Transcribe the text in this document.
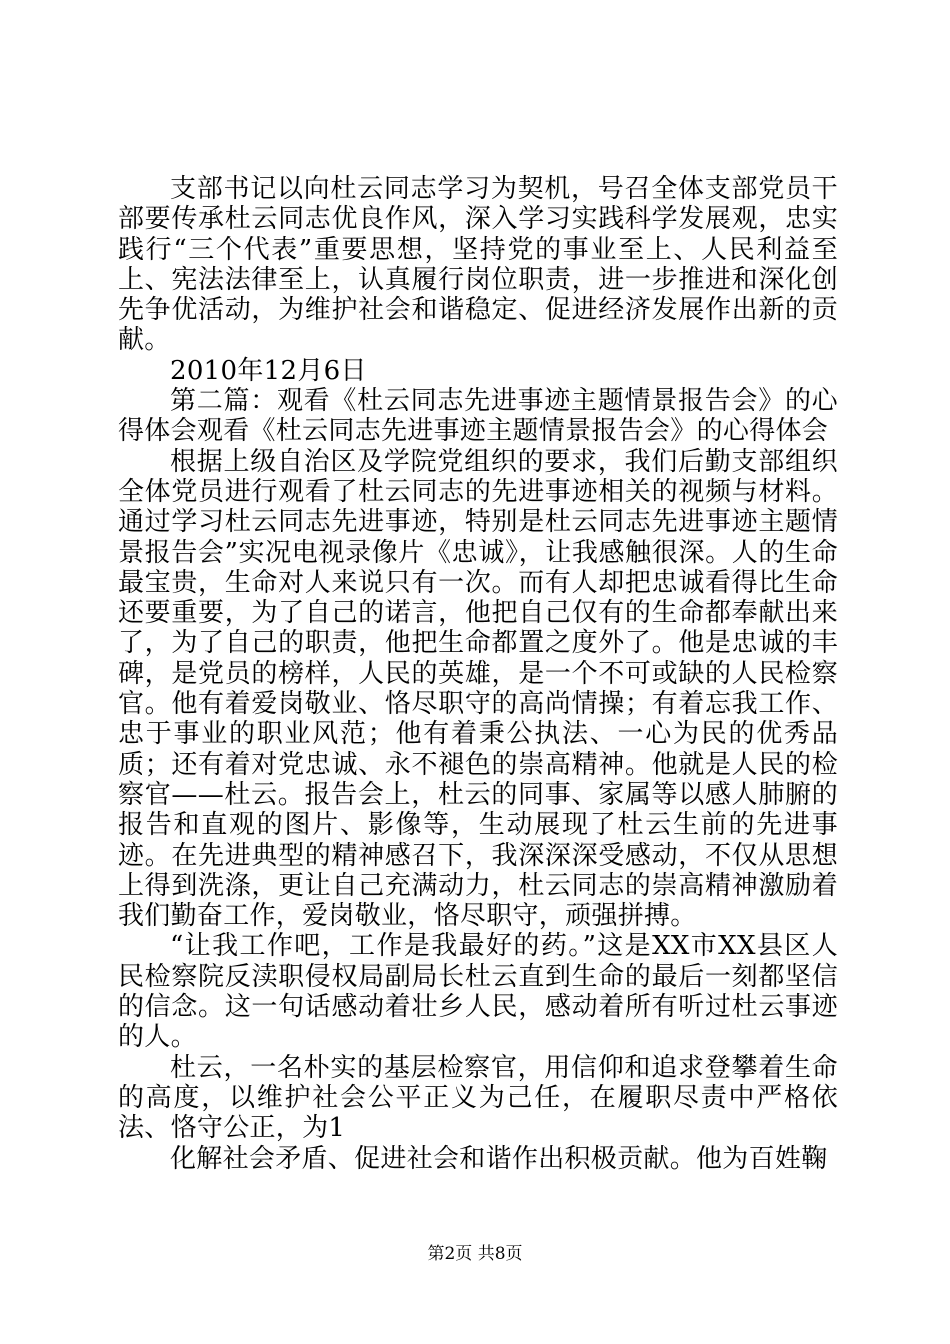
支部书记以向杜云同志学习为契机，号召全体支部党员干部要传承杜云同志优良作风，深入学习实践科学发展观，忠实践行“三个代表”重要思想，坚持党的事业至上、人民利益至上、宪法法律至上，认真履行岗位职责，进一步推进和深化创先争优活动，为维护社会和谐稳定、促进经济发展作出新的贡献。

2010年12月6日

第二篇：观看《杜云同志先进事迹主题情景报告会》的心得体会观看《杜云同志先进事迹主题情景报告会》的心得体会

根据上级自治区及学院党组织的要求，我们后勤支部组织全体党员进行观看了杜云同志的先进事迹相关的视频与材料。通过学习杜云同志先进事迹，特别是杜云同志先进事迹主题情景报告会”实况电视录像片《忠诚》，让我感触很深。人的生命最宝贵，生命对人来说只有一次。而有人却把忠诚看得比生命还要重要，为了自己的诺言，他把自己仅有的生命都奉献出来了，为了自己的职责，他把生命都置之度外了。他是忠诚的丰碑，是党员的榜样，人民的英雄，是一个不可或缺的人民检察官。他有着爱岗敬业、恪尽职守的高尚情操；有着忘我工作、忠于事业的职业风范；他有着秉公执法、一心为民的优秀品质；还有着对党忠诚、永不褪色的崇高精神。他就是人民的检察官——杜云。报告会上，杜云的同事、家属等以感人肺腑的报告和直观的图片、影像等，生动展现了杜云生前的先进事迹。在先进典型的精神感召下，我深深深受感动，不仅从思想上得到洗涤，更让自己充满动力，杜云同志的崇高精神激励着我们勤奋工作，爱岗敬业，恪尽职守，顽强拼搏。

“让我工作吧，工作是我最好的药。”这是XX市XX县区人民检察院反渎职侵权局副局长杜云直到生命的最后一刻都坚信的信念。这一句话感动着壮乡人民，感动着所有听过杜云事迹的人。

杜云，一名朴实的基层检察官，用信仰和追求登攀着生命的高度，以维护社会公平正义为己任，在履职尽责中严格依法、恪守公正，为1

化解社会矛盾、促进社会和谐作出积极贡献。他为百姓鞠

第2页 共8页
